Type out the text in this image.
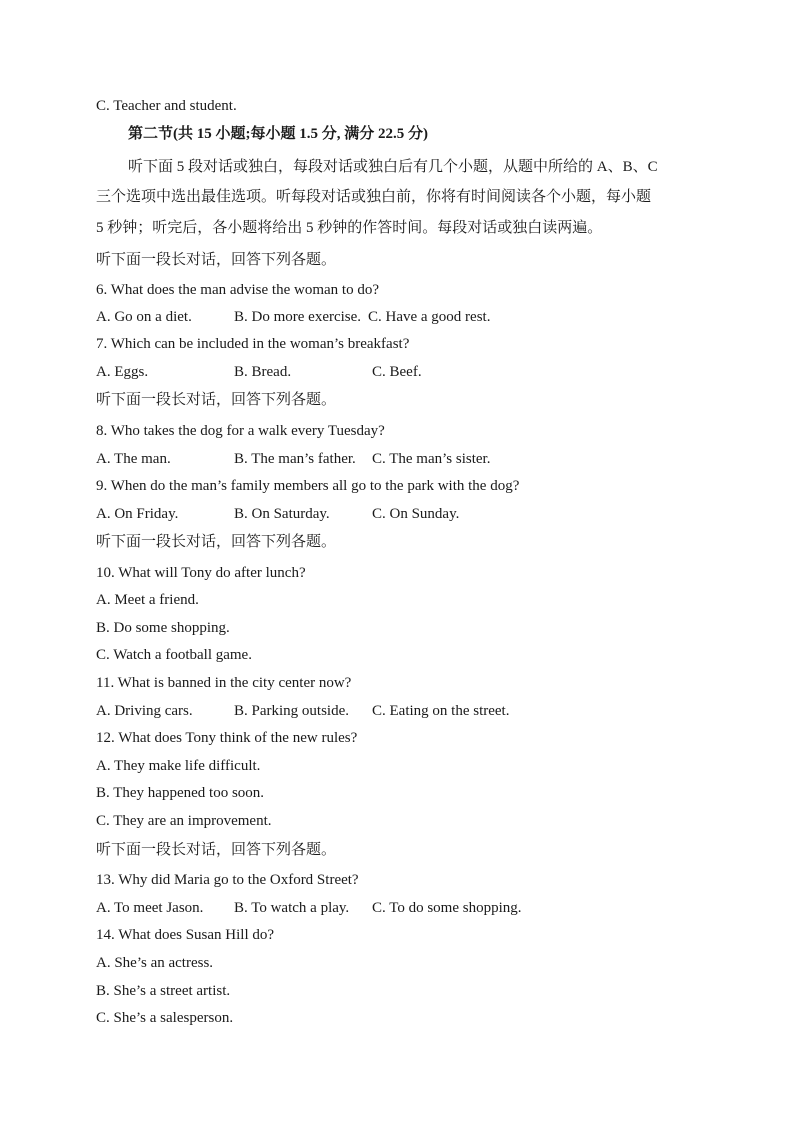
C. Teacher and student.

第二节(共 15 小题;每小题 1.5 分, 满分 22.5 分)

听下面 5 段对话或独白，每段对话或独白后有几个小题，从题中所给的 A、B、C

三个选项中选出最佳选项。听每段对话或独白前，你将有时间阅读各个小题，每小题

5 秒钟；听完后，各小题将给出 5 秒钟的作答时间。每段对话或独白读两遍。

听下面一段长对话，回答下列各题。

6. What does the man advise the woman to do?

A. Go on a diet.	B. Do more exercise. C. Have a good rest.

7. Which can be included in the woman’s breakfast?

A. Eggs.	B. Bread.	C. Beef.

听下面一段长对话，回答下列各题。

8. Who takes the dog for a walk every Tuesday?

A. The man.	B. The man’s father. C. The man’s sister.

9. When do the man’s family members all go to the park with the dog?

A. On Friday.	B. On Saturday.	C. On Sunday.

听下面一段长对话，回答下列各题。

10. What will Tony do after lunch?

A. Meet a friend.

B. Do some shopping.

C. Watch a football game.

11. What is banned in the city center now?

A. Driving cars.	B. Parking outside. C. Eating on the street.

12. What does Tony think of the new rules?

A. They make life difficult.

B. They happened too soon.

C. They are an improvement.

听下面一段长对话，回答下列各题。

13. Why did Maria go to the Oxford Street?

A. To meet Jason. B. To watch a play. C. To do some shopping.

14. What does Susan Hill do?

A. She’s an actress.

B. She’s a street artist.

C. She’s a salesperson.
